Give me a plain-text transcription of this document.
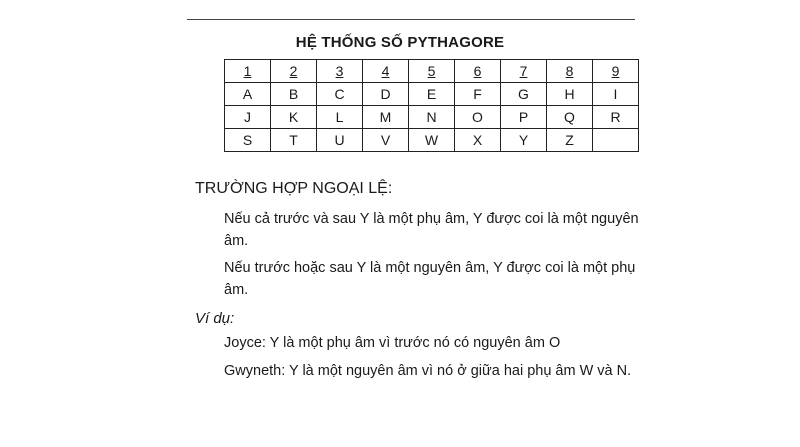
HỆ THỐNG SỐ PYTHAGORE
1	2	3	4	5	6	7	8	9
A	B	C	D	E	F	G	H	I
J	K	L	M	N	O	P	Q	R
S	T	U	V	W	X	Y	Z	
TRƯỜNG HỢP NGOẠI LỆ:
Nếu cả trước và sau Y là một phụ âm, Y được coi là một nguyên âm.
Nếu trước hoặc sau Y là một nguyên âm, Y được coi là một phụ âm.
Ví dụ:
Joyce: Y là một phụ âm vì trước nó có nguyên âm O
Gwyneth: Y là một nguyên âm vì nó ở giữa hai phụ âm W và N.
